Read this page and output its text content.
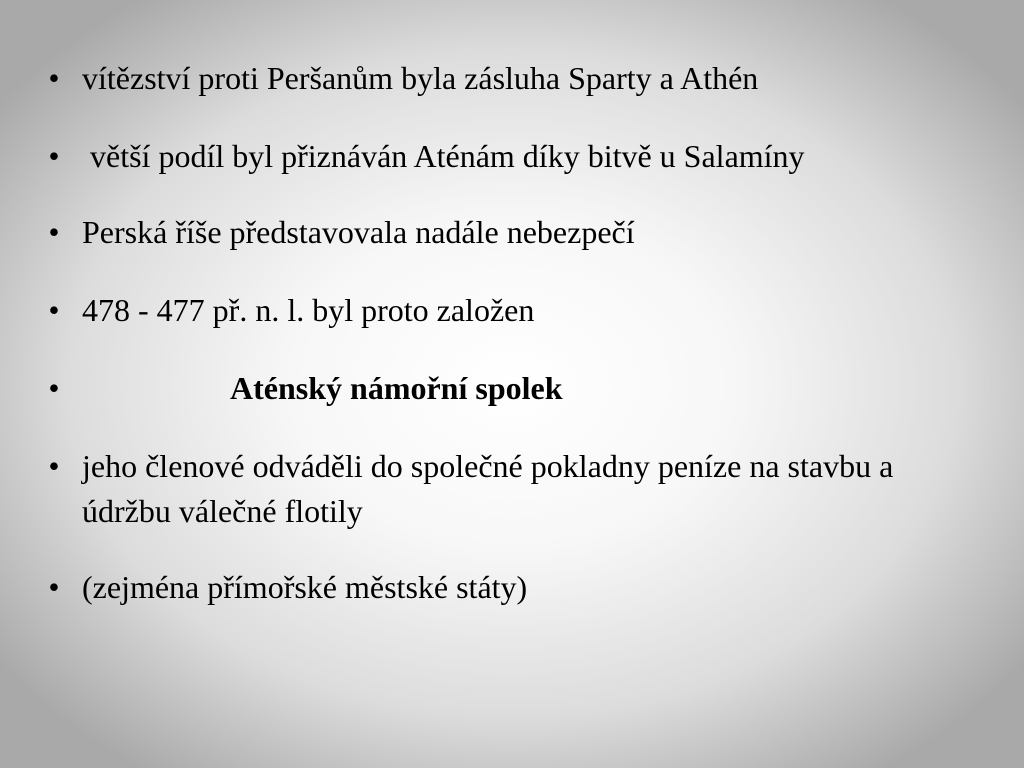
• vítězství proti Peršanům byla zásluha Sparty a Athén
• větší podíl byl přiznáván Aténám díky bitvě u Salamíny
• Perská říše představovala nadále nebezpečí
• 478 - 477 př. n. l. byl proto založen
•	Aténský námořní spolek
• jeho členové odváděli do společné pokladny peníze na stavbu a údržbu válečné flotily
• (zejména přímořské městské státy)
